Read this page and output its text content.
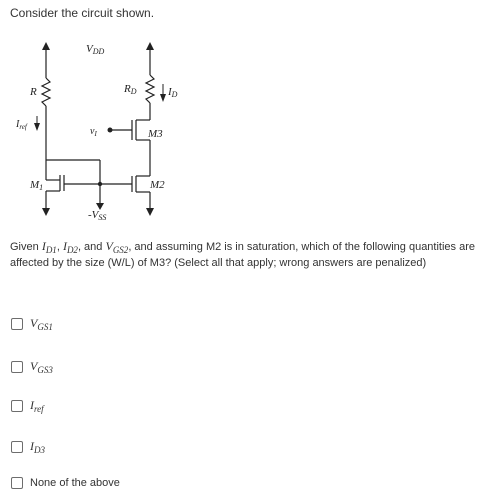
Consider the circuit shown.
VDD
R	RD	ID
$I_{ref}$	$v_I$	M3
M1	M2
-VSS
Given $I_{D1}$, $I_{D2}$, and $V_{GS2}$, and assuming M2 is in saturation, which of the following quantities are affected by the size (W/L) of M3? (Select all that apply; wrong answers are penalized)
$V_{GS1}$
$V_{GS3}$
$I_{ref}$
$I_{D3}$
None of the above
